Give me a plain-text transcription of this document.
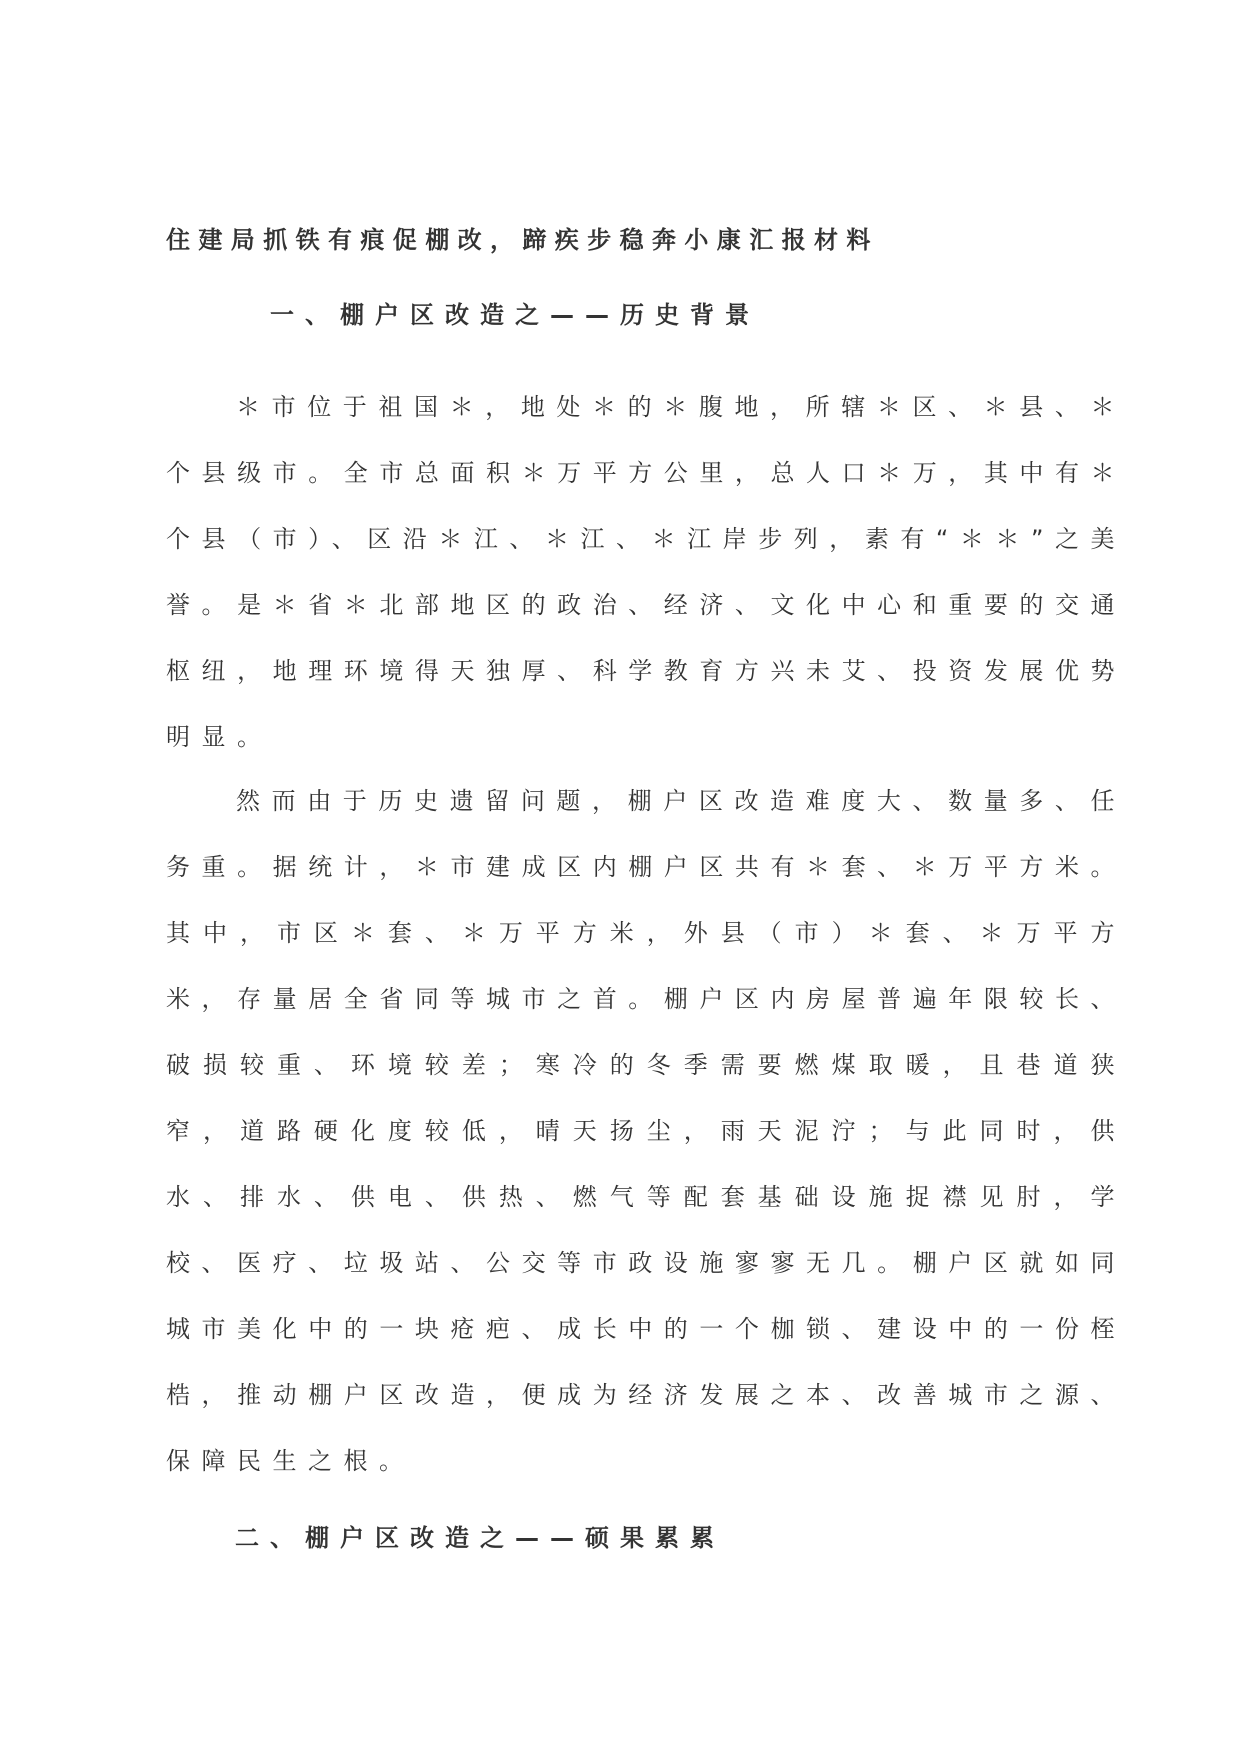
住建局抓铁有痕促棚改，蹄疾步稳奔小康汇报材料
一、棚户区改造之——历史背景

＊市位于祖国＊，地处＊的＊腹地，所辖＊区、＊县、＊个县级市。全市总面积＊万平方公里，总人口＊万，其中有＊个县（市）、区沿＊江、＊江、＊江岸步列，素有“＊＊”之美誉。是＊省＊北部地区的政治、经济、文化中心和重要的交通枢纽，地理环境得天独厚、科学教育方兴未艾、投资发展优势明显。

然而由于历史遗留问题，棚户区改造难度大、数量多、任务重。据统计，＊市建成区内棚户区共有＊套、＊万平方米。其中，市区＊套、＊万平方米，外县（市）＊套、＊万平方米，存量居全省同等城市之首。棚户区内房屋普遍年限较长、破损较重、环境较差；寒冷的冬季需要燃煤取暖，且巷道狭窄，道路硬化度较低，晴天扬尘，雨天泥泞；与此同时，供水、排水、供电、供热、燃气等配套基础设施捉襟见肘，学校、医疗、垃圾站、公交等市政设施寥寥无几。棚户区就如同城市美化中的一块疮疤、成长中的一个枷锁、建设中的一份桎梏，推动棚户区改造，便成为经济发展之本、改善城市之源、保障民生之根。

二、棚户区改造之——硕果累累
